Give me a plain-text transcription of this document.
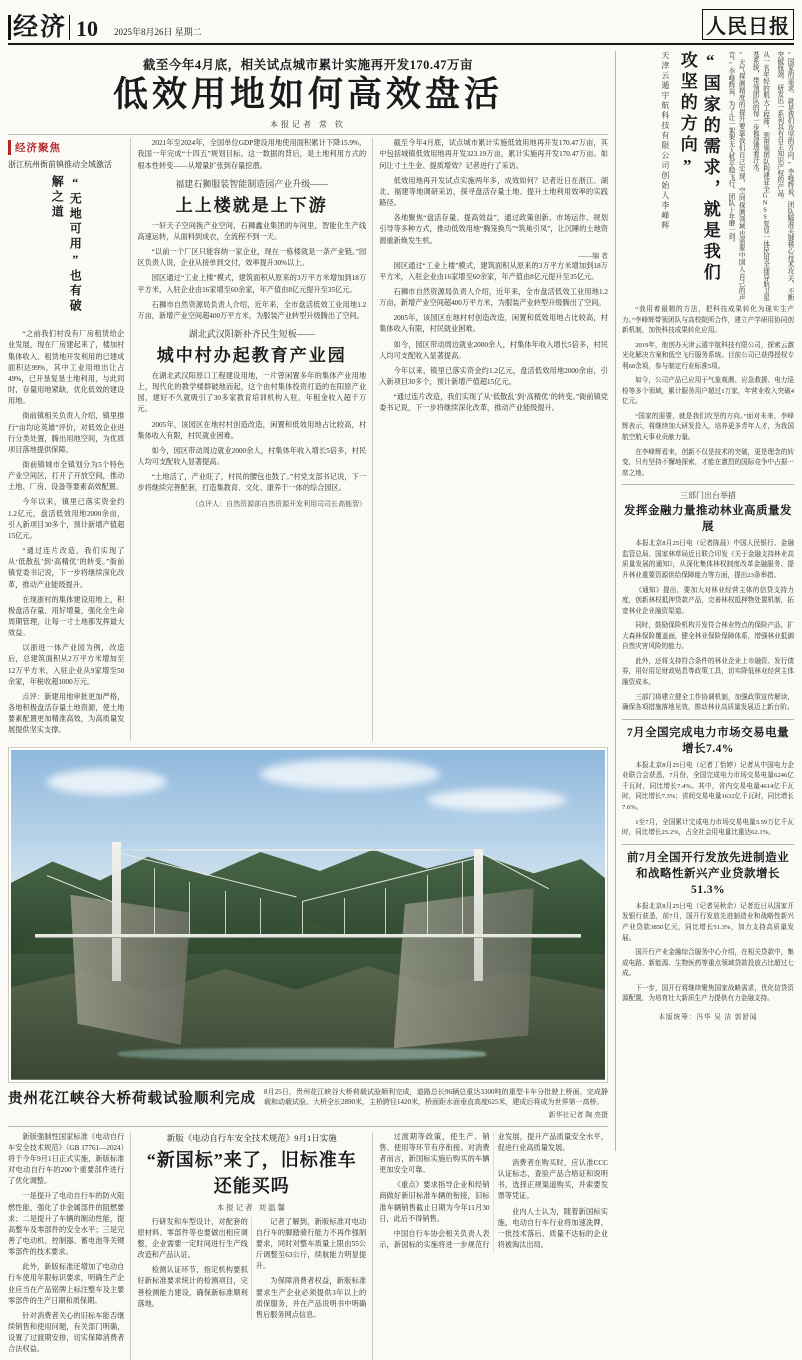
经济 10 2025年8月26日 星期二	人民日报
截至今年4月底，相关试点城市累计实施再开发170.47万亩
低效用地如何高效盘活
本报记者 常 钦
经济聚焦
浙江杭州衙前镇推动全域激活
“无地可用”也有破解之道

“之前我们村没有厂房租赁给企业发展，现在厂房建起来了，楼加村集体收入、租赁地开发利用的已建成面积达99%，其中工业用地出让占49%，已开垦复垦土地利用，与此同时，存量用地紧缺，优化低效的建设用地。

衙前镇相关负责人介绍，镇里推行“亩均论英雄”评价，对低效企业进行分类处置，腾出用地空间，为优质项目落地提供保障。

衙前镇城市全镇划分为5个特色产业空间区，打开了开放空间，推动土地、厂房、设备等要素高效配置。

今年以来，镇里已落实资金约1.2亿元，盘活低效用地2000余亩，引入新项目30多个，预计新增产值超15亿元。

“通过连片改造，我们实现了从‘低散乱’到‘高精优’的转变。”衙前镇党委书记说，下一步将继续深化改革，推动产业能级提升。

在现浙村的集体建设用地上，积极盘活存量、用好增量，强化全生命周期管理，让每一寸土地都发挥最大效益。

以浙进一体产业园为例，改造后，总建筑面积从2万平方米增加至12万平方米，入驻企业从9家增至50余家，年税收超1000万元。

点评：新建用地审批更加严格，各地积极盘活存量土地资源，使土地要素配置更加精准高效，为高质量发展提供坚实支撑。

2021年至2024年，全国单位GDP建设用地使用面积累计下降15.9%，我国一年完成“十四五”规划目标。这一数据的背后，是土地利用方式的根本性转变——从增量扩张到存量挖潜。

福建石狮服装智能制造园产业升级——
上上楼就是上下游

一轩天子空间换产业空间，石狮鑫业集团的车间里，智能化生产线高速运转，从面料到成衣，全流程不到一天。

“以前一个厂区只能容纳一家企业，现在一栋楼就是一条产业链。”园区负责人说，企业从接单到交付，效率提升30%以上。

园区通过“工业上楼”模式，建筑面积从原来的3万平方米增加到18万平方米，入驻企业由16家增至60余家，年产值由8亿元提升至35亿元。

石狮市自然资源局负责人介绍，近年来，全市盘活低效工业用地1.2万亩，新增产业空间超400万平方米，为服装产业转型升级腾出了空间。

湖北武汉阳新补齐民生短板——
城中村办起教育产业园

在湖北武汉阳原口工程建设用地，一片曾闲置多年的集体产业用地上，现代化的教学楼群破地而起，这个由村集体投资打造的在阳原产业园，建好不久就吸引了30多家教育培训机构入驻，年租金收入超千万元。

2005年，该园区在地村村创造改造，闲置和低效用地占比较高，村集体收入有限，村民就业困难。

如今，园区带动周边就业2000余人，村集体年收入增长5倍多，村民人均可支配收入显著提高。

“土地活了，产业旺了，村民的腰包也鼓了。”村党支部书记说，下一步将继续完善配套，打造集教育、文化、康养于一体的综合园区。

（点评人：自然资源部自然资源开发利用司司长高能智）

截至今年4月底，试点城市累计实施低效用地再开发170.47万亩，其中包括城镇低效用地再开发323.19万亩，累计实施再开发170.47万亩。如何让寸土生金、提质增效？记者进行了采访。

低效用地再开发试点实施两年多，成效如何？记者近日在浙江、湖北、福建等地调研采访，探寻盘活存量土地、提升土地利用效率的实践路径。

各地聚焦“盘活存量、提高效益”，通过政策创新、市场运作、规划引导等多种方式，推动低效用地“腾笼换鸟”“筑巢引凤”，让沉睡的土地资源重新焕发生机。

——编 者

园区通过“工业上楼”模式，建筑面积从原来的3万平方米增加到18万平方米，入驻企业由16家增至60余家，年产值由8亿元提升至35亿元。

石狮市自然资源局负责人介绍，近年来，全市盘活低效工业用地1.2万亩，新增产业空间超400万平方米，为服装产业转型升级腾出了空间。

2005年，该园区在地村村创造改造，闲置和低效用地占比较高，村集体收入有限，村民就业困难。

如今，园区带动周边就业2000余人，村集体年收入增长5倍多，村民人均可支配收入显著提高。

今年以来，镇里已落实资金约1.2亿元，盘活低效用地2000余亩，引入新项目30多个，预计新增产值超15亿元。

“通过连片改造，我们实现了从‘低散乱’到‘高精优’的转变。”衙前镇党委书记说，下一步将继续深化改革，推动产业能级提升。

贵州花江峡谷大桥荷载试验顺利完成 8月25日，贵州花江峡谷大桥荷载试验顺利完成，道路总长96辆总重达3300吨的重型卡车分批驶上桥面，完成静载和动载试验。大桥全长2890米，主桥跨径1420米，桥面距水面垂直高度625米，建成后将成为世界第一高桥。
新华社记者 陶 亮摄

新版强制性国家标准《电动自行车安全技术规范》（GB 17761—2024）将于今年9月1日正式实施，新版标准对电动自行车的200个重要部件进行了优化调整。

一是提升了电动自行车的防火阻燃性能，强化了非金属部件的阻燃要求；二是提升了车辆的制动性能，提高整车及零部件的安全水平；三是完善了电动机、控制器、蓄电池等关键零部件的技术要求。

此外，新版标准还增加了电动自行车使用年限标识要求，明确生产企业应当在产品铭牌上标注整车及主要零部件的生产日期和质保期。

针对消费者关心的旧标车能否继续销售和使用问题，有关部门明确，设置了过渡期安排，切实保障消费者合法权益。

新版《电动自行车安全技术规范》9月1日实施
“新国标”来了，旧标准车还能买吗
本报记者 刘温馨

行研发和车型设计，对配套的原材料、零部件等也要做出相应调整，企业需要一定时间进行生产线改造和产品认证。

检测认证环节，指定机构要抓好新标准要求统计的检测项目，完善检测能力建设，确保新标准顺利落地。

记者了解到，新版标准对电动自行车的脚踏骑行能力不再作强制要求，同时对整车质量上限由55公斤调整至63公斤，续航能力明显提升。

为保障消费者权益，新版标准要求生产企业必须提供3年以上的质保服务，并在产品说明书中明确售后服务网点信息。

过渡期等政策，使生产、销售、使用等环节有序衔接。对消费者而言，新国标实施后购买的车辆更加安全可靠。

《重点》要求指导企业和经销商做好新旧标准车辆的衔接，旧标准车辆销售截止日期为今年11月30日，此后不得销售。

中国自行车协会相关负责人表示，新国标的实施将进一步规范行业发展，提升产品质量安全水平，促进行业高质量发展。

消费者在购买时，应认准CCC认证标志，查验产品合格证和说明书，选择正规渠道购买，并索要发票等凭证。

业内人士认为，随着新国标实施，电动自行车行业将加速洗牌，一批技术落后、质量不达标的企业将被淘汰出局。

天津云遁宇航科技有限公司创始人李峰辉	“国家的需求，就是我们攻坚的方向”	“天气探测精度的提升要靠我们自己实现，空间探测领域也需要中国人自己的声音。”李峰辉说，为了让一架架无人机平稳飞行，团队十年磨一剑。	从一名年轻的航天工程师，到带领团队构建亚全GNSS复显一体民用全球导航卫星基系统，带领团队的每一步都浸透着汗水。	“国家的需求，就是我们攻坚的方向。”李峰辉说，团队瞄准关键核心技术攻关，不断突破瓶颈，研发出一系列具有自主知识产权的产品。

“我用着最精的方法，把科技成果转化为现实生产力。”李峰辉带领团队与高校院所合作，建立产学研用协同创新机制，加快科技成果转化应用。

2019年，他创办天津云遁宇航科技有限公司，探索云激光化解决方案和低空飞行服务系统。目前公司已获得授权专利60余项，参与制定行业标准5项。

如今，公司产品已应用于气象观测、应急救援、电力巡检等多个领域，累计服务用户超过1万家，年营业收入突破4亿元。

“国家的需要，就是我们攻坚的方向。”面对未来，李峰辉表示，将继续加大研发投入，培养更多青年人才，为我国航空航天事业贡献力量。

在李峰辉看来，创新不仅是技术的突破，更是理念的转变，只有坚持不懈地探索，才能在激烈的国际竞争中占据一席之地。

三部门出台举措
发挥金融力量推动林业高质量发展

本报北京8月25日电（记者陈晨）中国人民银行、金融监管总局、国家林草局近日联合印发《关于金融支持林业高质量发展的通知》，从深化集体林权制度改革金融服务、提升林业重要资源供给保障能力等方面，提出23条举措。

《通知》提出，要加大对林业经营主体的信贷支持力度，创新林权抵押贷款产品，完善林权抵押物处置机制，拓宽林业企业融资渠道。

同时，鼓励保险机构开发符合林业特点的保险产品，扩大森林保险覆盖面，健全林业保险保障体系，增强林业抵御自然灾害风险的能力。

此外，还将支持符合条件的林业企业上市融资、发行债券，用好用足财政贴息等政策工具，切实降低林业经营主体融资成本。

三部门将建立健全工作协调机制，加强政策宣传解读，确保各项措施落地见效，推动林业高质量发展迈上新台阶。

7月全国完成电力市场交易电量增长7.4%

本报北京8月25日电（记者丁怡婷）记者从中国电力企业联合会获悉，7月份，全国完成电力市场交易电量6246亿千瓦时，同比增长7.4%。其中，省内交易电量4614亿千瓦时，同比增长7.3%；省间交易电量1632亿千瓦时，同比增长7.6%。

1至7月，全国累计完成电力市场交易电量3.59万亿千瓦时，同比增长25.2%，占全社会用电量比重达62.1%。

前7月全国开行发放先进制造业和战略性新兴产业贷款增长51.3%

本报北京8月25日电（记者吴秋余）记者近日从国家开发银行获悉，前7月，国开行发放先进制造业和战略性新兴产业贷款3850亿元，同比增长51.3%，加力支持高质量发展。

国开行产业金融综合服务中心介绍，在相关贷款中，集成电路、新能源、生物医药等重点领域贷款投放占比超过七成。

下一步，国开行将继续聚焦国家战略需求，优化信贷资源配置，为培育壮大新质生产力提供有力金融支持。

本版统筹：冯华 吴 洁 郭舒闻
